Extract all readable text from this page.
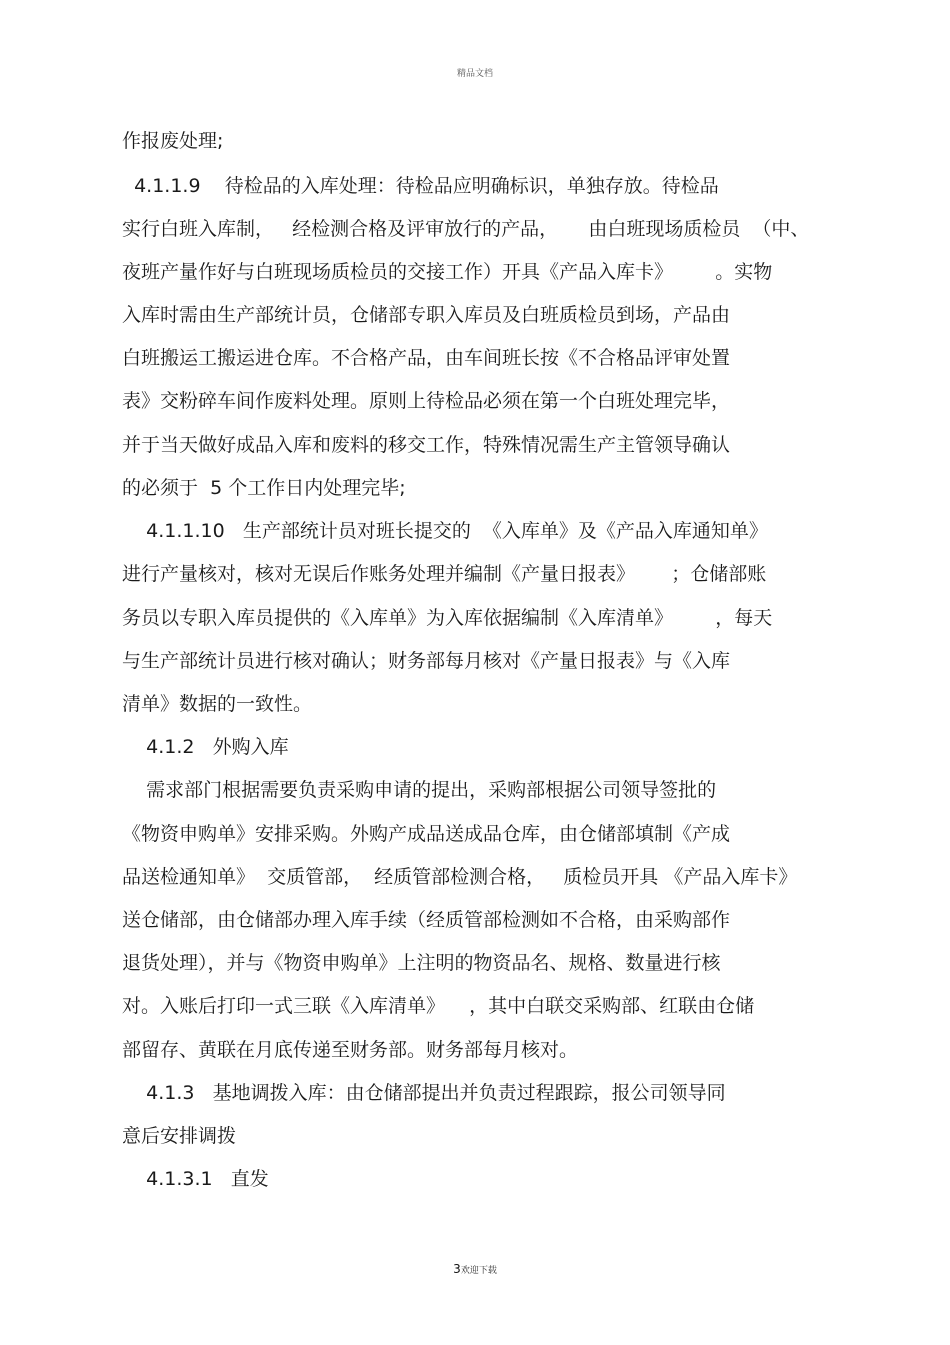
精品文档
作报废处理;
4.1.1.9    待检品的入库处理：待检品应明确标识，单独存放。待检品
实行白班入库制，   经检测合格及评审放行的产品，     由白班现场质检员  （中、
夜班产量作好与白班现场质检员的交接工作）开具《产品入库卡》       。实物
入库时需由生产部统计员，仓储部专职入库员及白班质检员到场，产品由
白班搬运工搬运进仓库。不合格产品，由车间班长按《不合格品评审处置
表》交粉碎车间作废料处理。原则上待检品必须在第一个白班处理完毕，
并于当天做好成品入库和废料的移交工作，特殊情况需生产主管领导确认
的必须于  5 个工作日内处理完毕;
4.1.1.10   生产部统计员对班长提交的  《入库单》及《产品入库通知单》
进行产量核对，核对无误后作账务处理并编制《产量日报表》      ；仓储部账
务员以专职入库员提供的《入库单》为入库依据编制《入库清单》       ，每天
与生产部统计员进行核对确认；财务部每月核对《产量日报表》与《入库
清单》数据的一致性。
4.1.2   外购入库
需求部门根据需要负责采购申请的提出，采购部根据公司领导签批的
《物资申购单》安排采购。外购产成品送成品仓库，由仓储部填制《产成
品送检通知单》  交质管部，  经质管部检测合格，   质检员开具 《产品入库卡》
送仓储部，由仓储部办理入库手续（经质管部检测如不合格，由采购部作
退货处理），并与《物资申购单》上注明的物资品名、规格、数量进行核
对。入账后打印一式三联《入库清单》    ，其中白联交采购部、红联由仓储
部留存、黄联在月底传递至财务部。财务部每月核对。
4.1.3   基地调拨入库：由仓储部提出并负责过程跟踪，报公司领导同
意后安排调拨
4.1.3.1   直发
3欢迎下载
